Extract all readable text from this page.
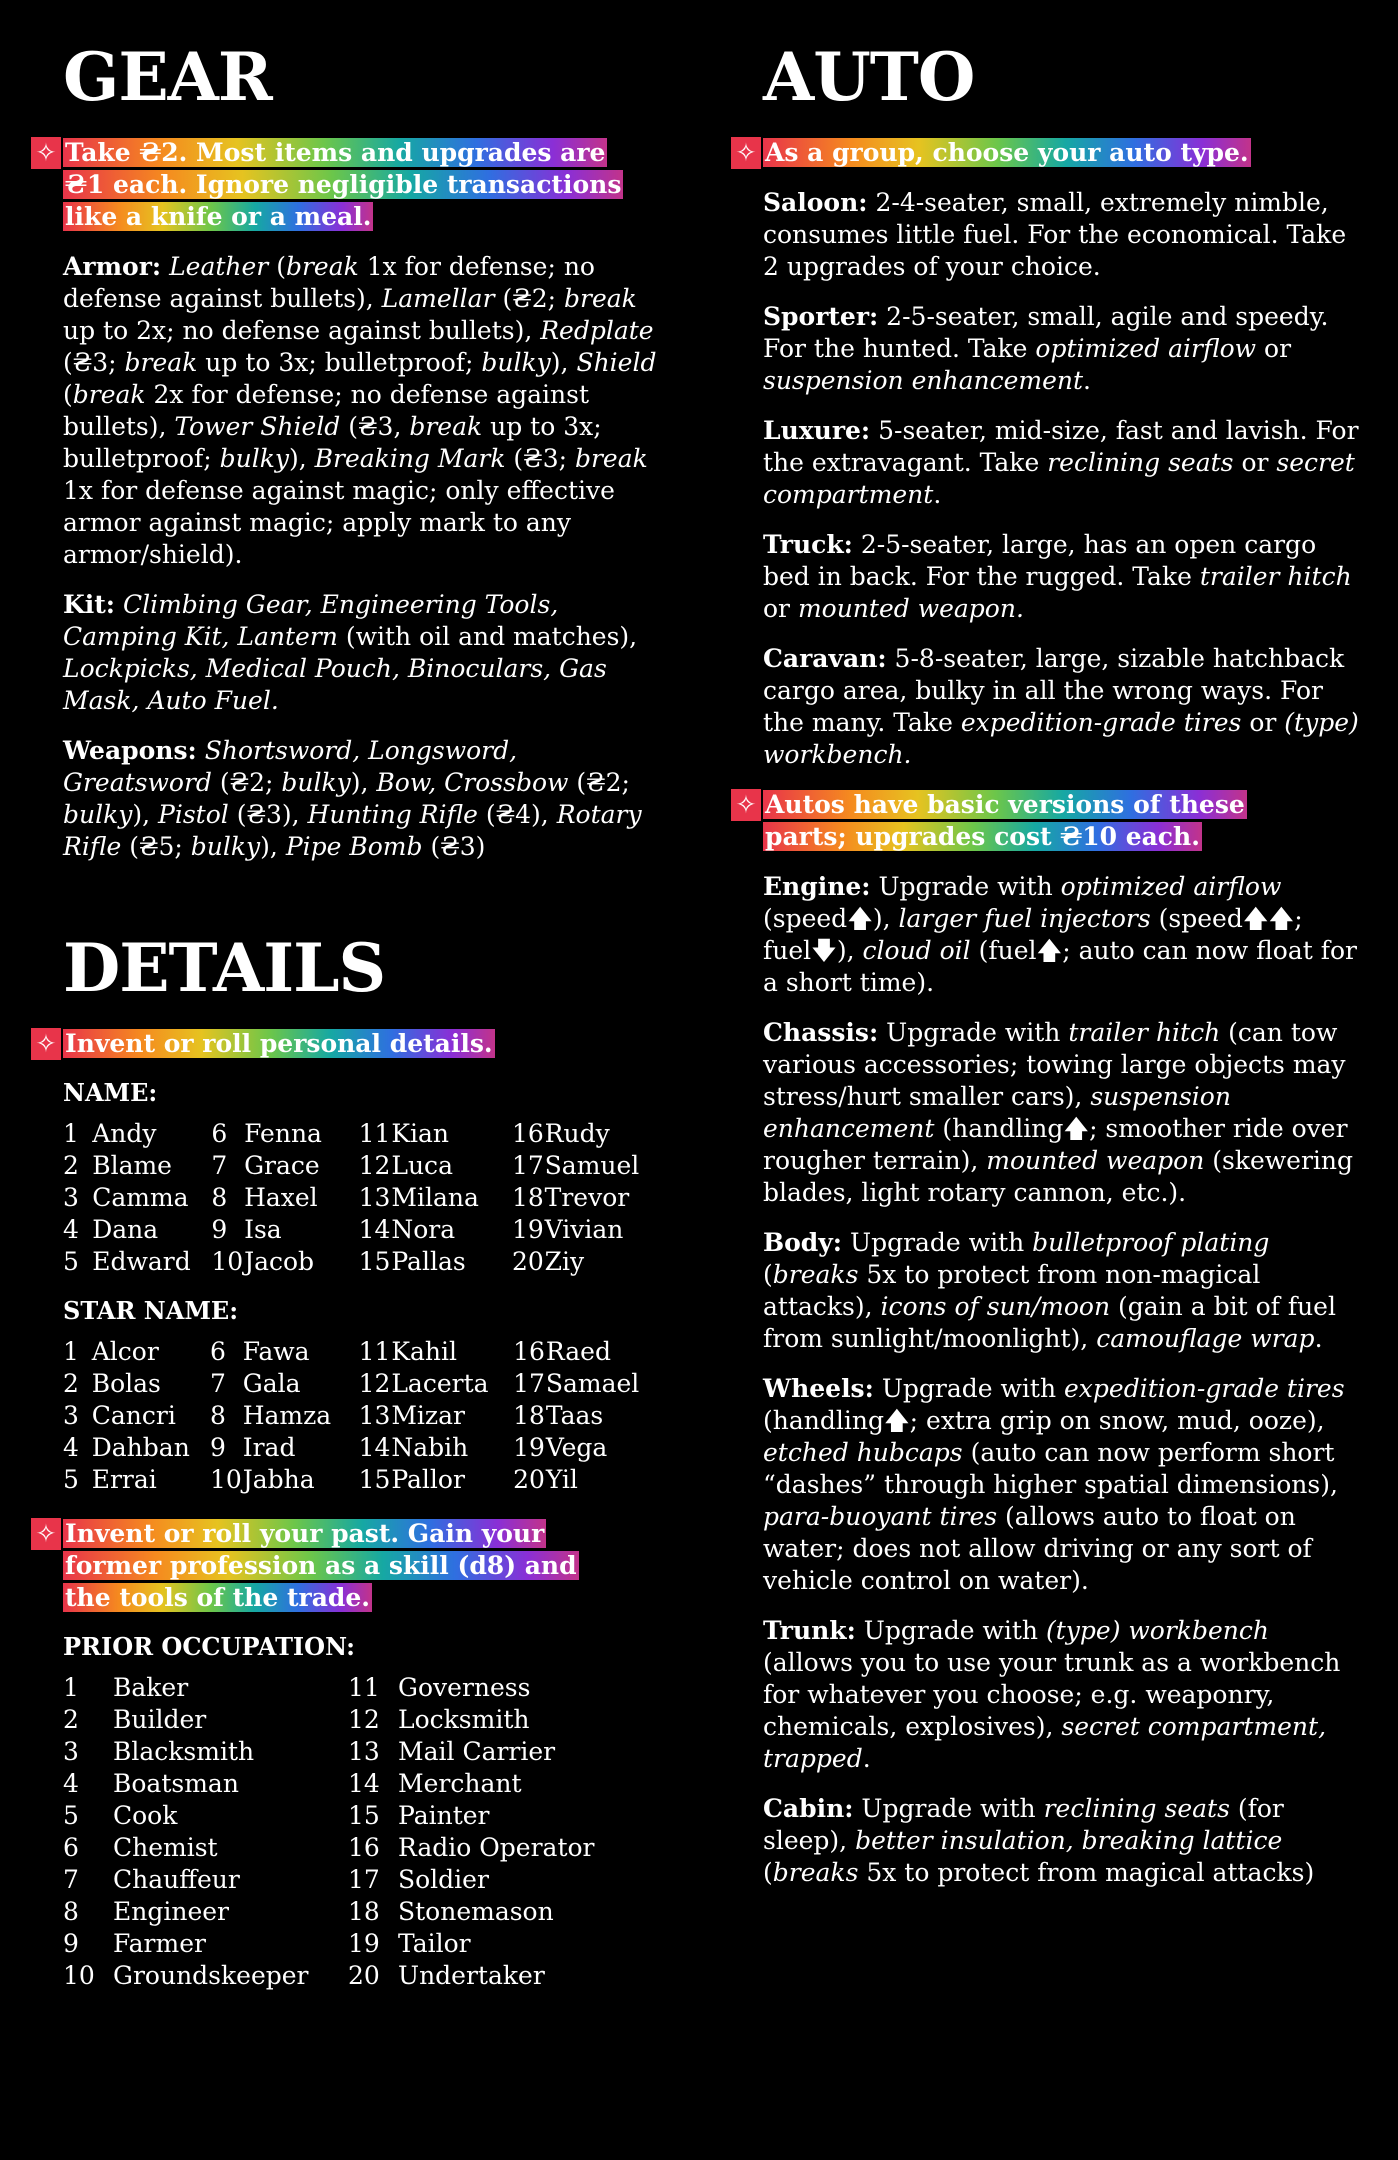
GEAR
✧ Take ₴2. Most items and upgrades are ₴1 each. Ignore negligible transactions like a knife or a meal.

Armor: Leather (break 1x for defense; no defense against bullets), Lamellar (₴2; break up to 2x; no defense against bullets), Redplate (₴3; break up to 3x; bulletproof; bulky), Shield (break 2x for defense; no defense against bullets), Tower Shield (₴3, break up to 3x; bulletproof; bulky), Breaking Mark (₴3; break 1x for defense against magic; only effective armor against magic; apply mark to any armor/shield).

Kit: Climbing Gear, Engineering Tools, Camping Kit, Lantern (with oil and matches), Lockpicks, Medical Pouch, Binoculars, Gas Mask, Auto Fuel.

Weapons: Shortsword, Longsword, Greatsword (₴2; bulky), Bow, Crossbow (₴2; bulky), Pistol (₴3), Hunting Rifle (₴4), Rotary Rifle (₴5; bulky), Pipe Bomb (₴3)

DETAILS
✧ Invent or roll personal details.
NAME:
1	Andy	6	Fenna	11	Kian	16	Rudy
2	Blame	7	Grace	12	Luca	17	Samuel
3	Camma	8	Haxel	13	Milana	18	Trevor
4	Dana	9	Isa	14	Nora	19	Vivian
5	Edward	10	Jacob	15	Pallas	20	Ziy
STAR NAME:
1	Alcor	6	Fawa	11	Kahil	16	Raed
2	Bolas	7	Gala	12	Lacerta	17	Samael
3	Cancri	8	Hamza	13	Mizar	18	Taas
4	Dahban	9	Irad	14	Nabih	19	Vega
5	Errai	10	Jabha	15	Pallor	20	Yil
✧ Invent or roll your past. Gain your former profession as a skill (d8) and the tools of the trade.
PRIOR OCCUPATION:
1	Baker	11	Governess
2	Builder	12	Locksmith
3	Blacksmith	13	Mail Carrier
4	Boatsman	14	Merchant
5	Cook	15	Painter
6	Chemist	16	Radio Operator
7	Chauffeur	17	Soldier
8	Engineer	18	Stonemason
9	Farmer	19	Tailor
10	Groundskeeper	20	Undertaker
AUTO
✧ As a group, choose your auto type.

Saloon: 2-4-seater, small, extremely nimble, consumes little fuel. For the economical. Take 2 upgrades of your choice.

Sporter: 2-5-seater, small, agile and speedy. For the hunted. Take optimized airflow or suspension enhancement.

Luxure: 5-seater, mid-size, fast and lavish. For the extravagant. Take reclining seats or secret compartment.

Truck: 2-5-seater, large, has an open cargo bed in back. For the rugged. Take trailer hitch or mounted weapon.

Caravan: 5-8-seater, large, sizable hatchback cargo area, bulky in all the wrong ways. For the many. Take expedition-grade tires or (type) workbench.

✧ Autos have basic versions of these parts; upgrades cost ₴10 each.

Engine: Upgrade with optimized airflow (speed🡅), larger fuel injectors (speed🡅🡅; fuel🡇), cloud oil (fuel🡅; auto can now float for a short time).

Chassis: Upgrade with trailer hitch (can tow various accessories; towing large objects may stress/hurt smaller cars), suspension enhancement (handling🡅; smoother ride over rougher terrain), mounted weapon (skewering blades, light rotary cannon, etc.).

Body: Upgrade with bulletproof plating (breaks 5x to protect from non-magical attacks), icons of sun/moon (gain a bit of fuel from sunlight/moonlight), camouflage wrap.

Wheels: Upgrade with expedition-grade tires (handling🡅; extra grip on snow, mud, ooze), etched hubcaps (auto can now perform short “dashes” through higher spatial dimensions), para-buoyant tires (allows auto to float on water; does not allow driving or any sort of vehicle control on water).

Trunk: Upgrade with (type) workbench (allows you to use your trunk as a workbench for whatever you choose; e.g. weaponry, chemicals, explosives), secret compartment, trapped.

Cabin: Upgrade with reclining seats (for sleep), better insulation, breaking lattice (breaks 5x to protect from magical attacks)
